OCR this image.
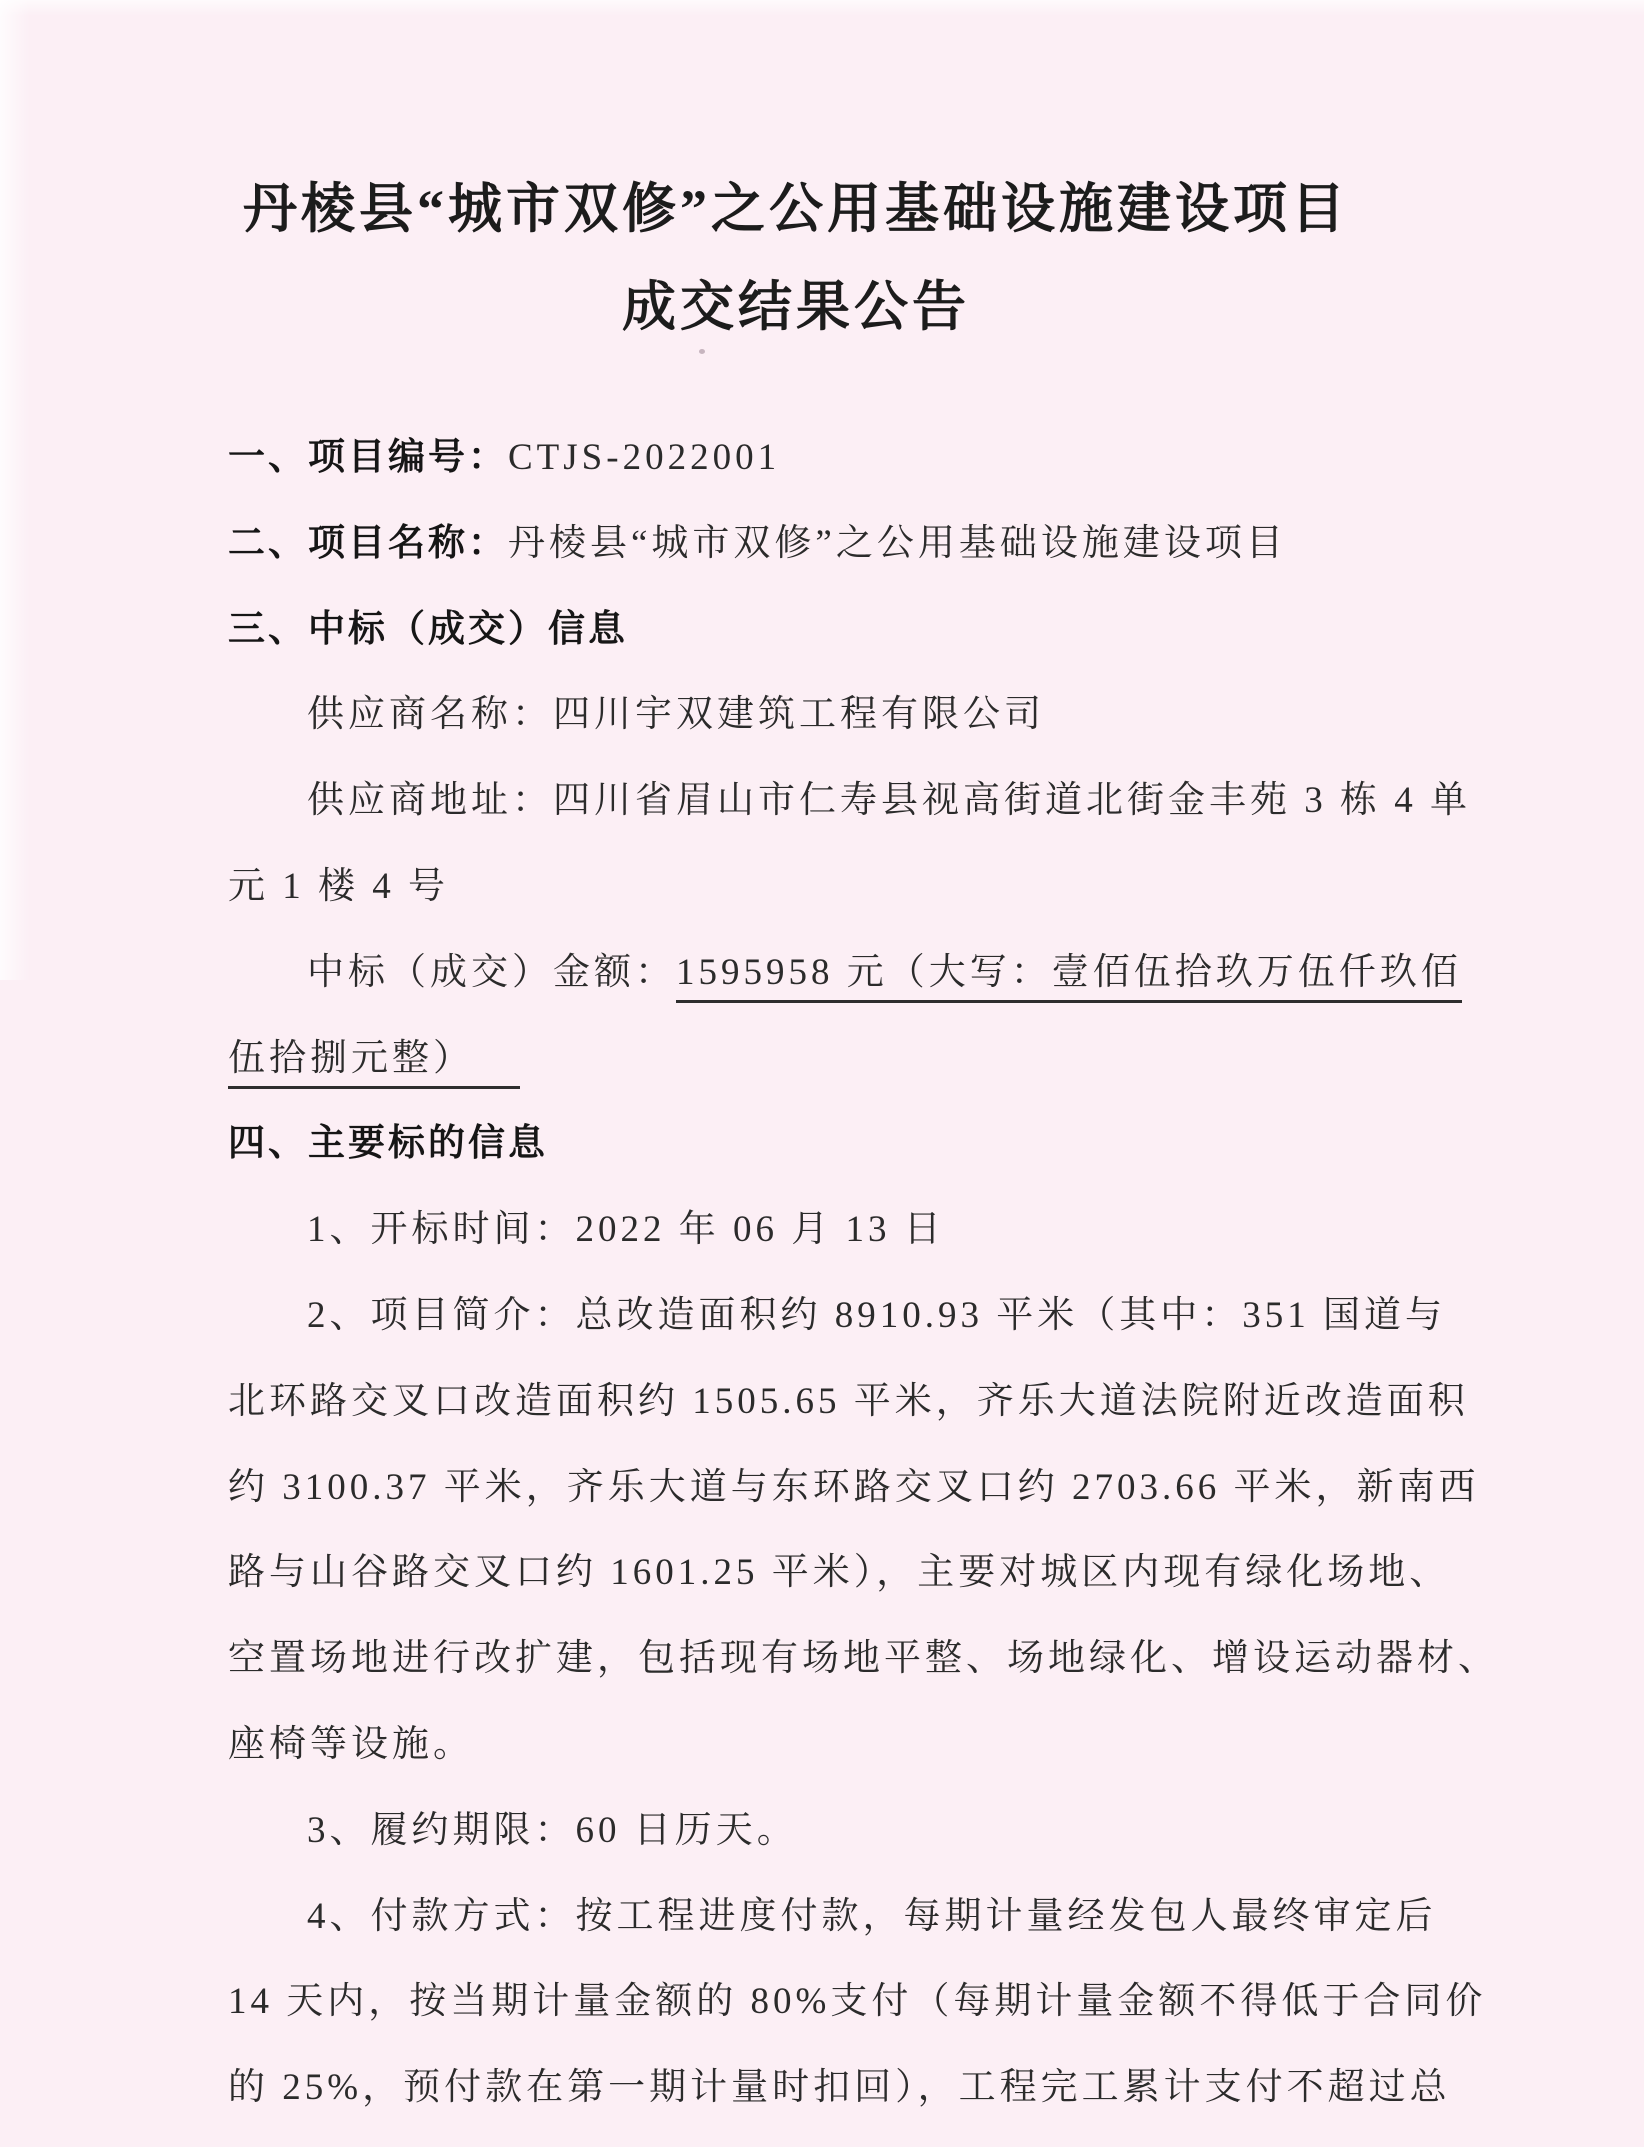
丹棱县“城市双修”之公用基础设施建设项目
成交结果公告
一、项目编号：CTJS-2022001
二、项目名称：丹棱县“城市双修”之公用基础设施建设项目
三、中标（成交）信息
供应商名称：四川宇双建筑工程有限公司
供应商地址：四川省眉山市仁寿县视高街道北街金丰苑 3 栋 4 单
元 1 楼 4 号
中标（成交）金额：1595958 元（大写：壹佰伍拾玖万伍仟玖佰
伍拾捌元整）
四、主要标的信息
1、开标时间：2022 年 06 月 13 日
2、项目简介：总改造面积约 8910.93 平米（其中：351 国道与
北环路交叉口改造面积约 1505.65 平米，齐乐大道法院附近改造面积
约 3100.37 平米，齐乐大道与东环路交叉口约 2703.66 平米，新南西
路与山谷路交叉口约 1601.25 平米），主要对城区内现有绿化场地、
空置场地进行改扩建，包括现有场地平整、场地绿化、增设运动器材、
座椅等设施。
3、履约期限：60 日历天。
4、付款方式：按工程进度付款，每期计量经发包人最终审定后
14 天内，按当期计量金额的 80%支付（每期计量金额不得低于合同价
的 25%，预付款在第一期计量时扣回），工程完工累计支付不超过总
